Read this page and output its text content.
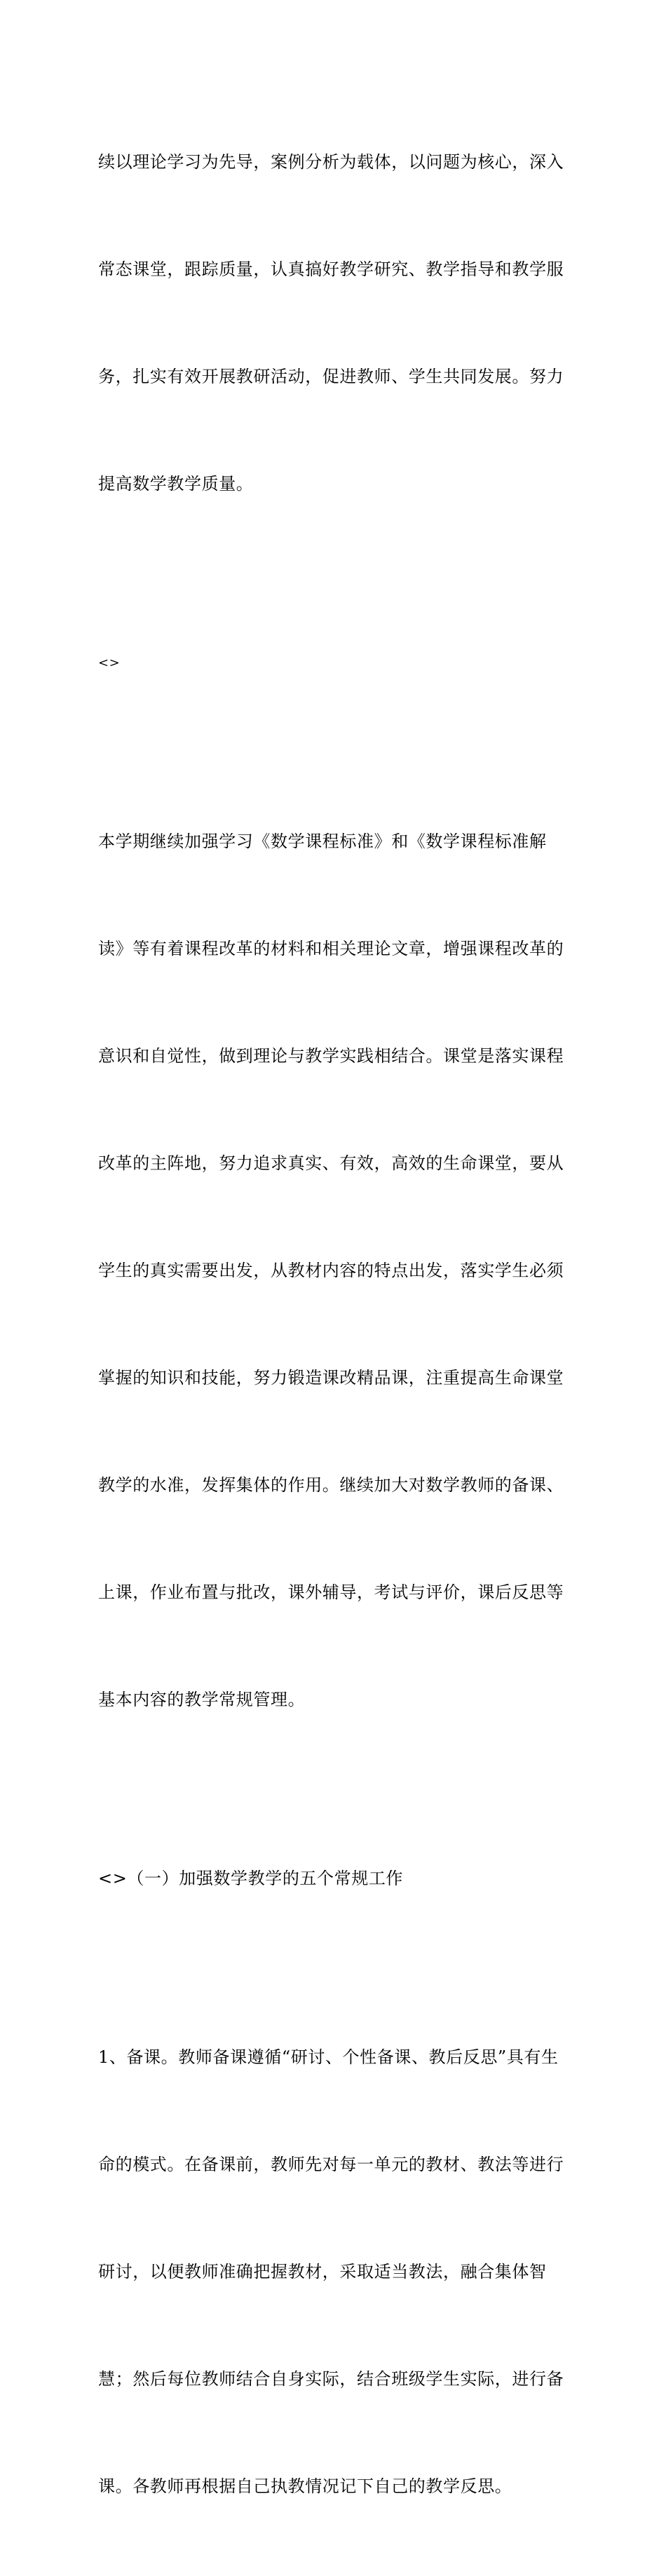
续以理论学习为先导，案例分析为载体，以问题为核心，深入

常态课堂，跟踪质量，认真搞好教学研究、教学指导和教学服

务，扎实有效开展教研活动，促进教师、学生共同发展。努力

提高数学教学质量。

<>

本学期继续加强学习《数学课程标准》和《数学课程标准解

读》等有着课程改革的材料和相关理论文章，增强课程改革的

意识和自觉性，做到理论与教学实践相结合。课堂是落实课程

改革的主阵地，努力追求真实、有效，高效的生命课堂，要从

学生的真实需要出发，从教材内容的特点出发，落实学生必须

掌握的知识和技能，努力锻造课改精品课，注重提高生命课堂

教学的水准，发挥集体的作用。继续加大对数学教师的备课、

上课，作业布置与批改，课外辅导，考试与评价，课后反思等

基本内容的教学常规管理。

<>（一）加强数学教学的五个常规工作

1、备课。教师备课遵循“研讨、个性备课、教后反思”具有生

命的模式。在备课前，教师先对每一单元的教材、教法等进行

研讨，以便教师准确把握教材，采取适当教法，融合集体智

慧；然后每位教师结合自身实际，结合班级学生实际，进行备

课。各教师再根据自己执教情况记下自己的教学反思。
